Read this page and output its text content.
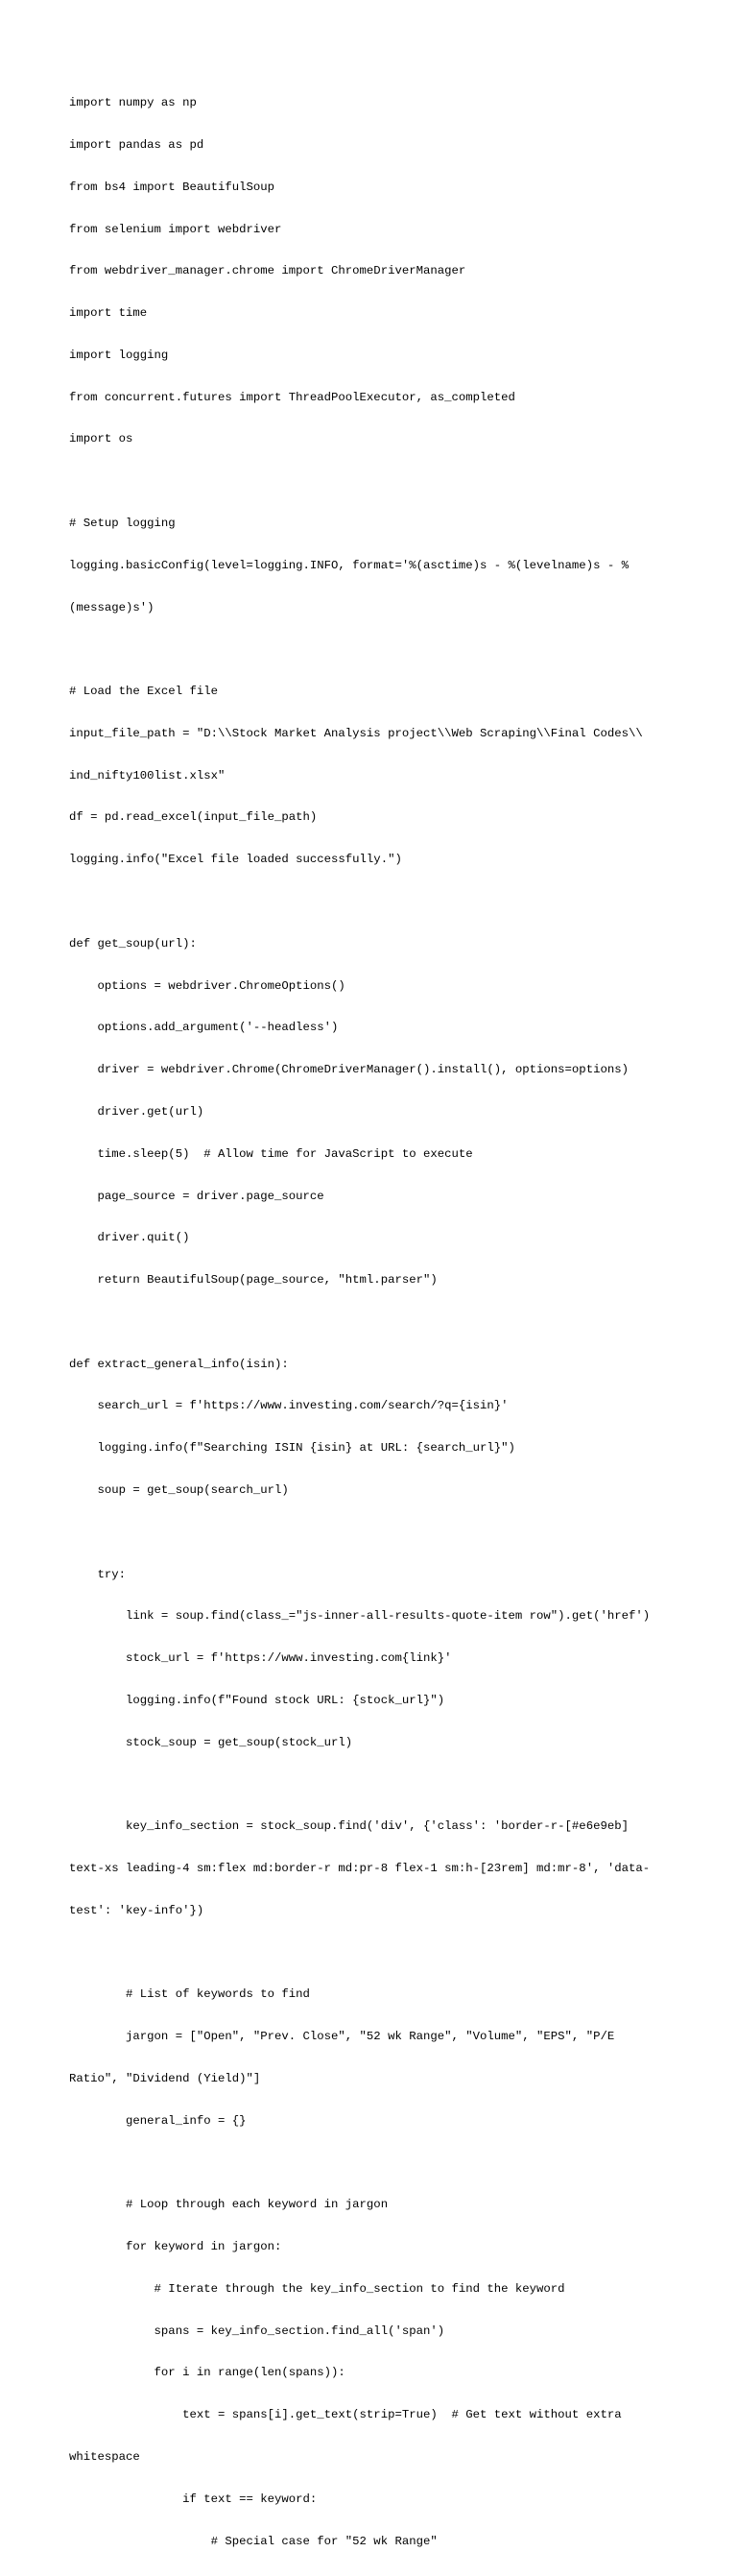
import numpy as np

import pandas as pd

from bs4 import BeautifulSoup

from selenium import webdriver

from webdriver_manager.chrome import ChromeDriverManager

import time

import logging

from concurrent.futures import ThreadPoolExecutor, as_completed

import os

# Setup logging

logging.basicConfig(level=logging.INFO, format='%(asctime)s - %(levelname)s - %

(message)s')

# Load the Excel file

input_file_path = "D:\\Stock Market Analysis project\\Web Scraping\\Final Codes\\

ind_nifty100list.xlsx"

df = pd.read_excel(input_file_path)

logging.info("Excel file loaded successfully.")

def get_soup(url):

options = webdriver.ChromeOptions()

options.add_argument('--headless')

driver = webdriver.Chrome(ChromeDriverManager().install(), options=options)

driver.get(url)

time.sleep(5)  # Allow time for JavaScript to execute

page_source = driver.page_source

driver.quit()

return BeautifulSoup(page_source, "html.parser")

def extract_general_info(isin):

search_url = f'https://www.investing.com/search/?q={isin}'

logging.info(f"Searching ISIN {isin} at URL: {search_url}")

soup = get_soup(search_url)

try:

link = soup.find(class_="js-inner-all-results-quote-item row").get('href')

stock_url = f'https://www.investing.com{link}'

logging.info(f"Found stock URL: {stock_url}")

stock_soup = get_soup(stock_url)

key_info_section = stock_soup.find('div', {'class': 'border-r-[#e6e9eb]

text-xs leading-4 sm:flex md:border-r md:pr-8 flex-1 sm:h-[23rem] md:mr-8', 'data-

test': 'key-info'})

# List of keywords to find

jargon = ["Open", "Prev. Close", "52 wk Range", "Volume", "EPS", "P/E

Ratio", "Dividend (Yield)"]

general_info = {}

# Loop through each keyword in jargon

for keyword in jargon:

# Iterate through the key_info_section to find the keyword

spans = key_info_section.find_all('span')

for i in range(len(spans)):

text = spans[i].get_text(strip=True)  # Get text without extra

whitespace

if text == keyword:

# Special case for "52 wk Range"
